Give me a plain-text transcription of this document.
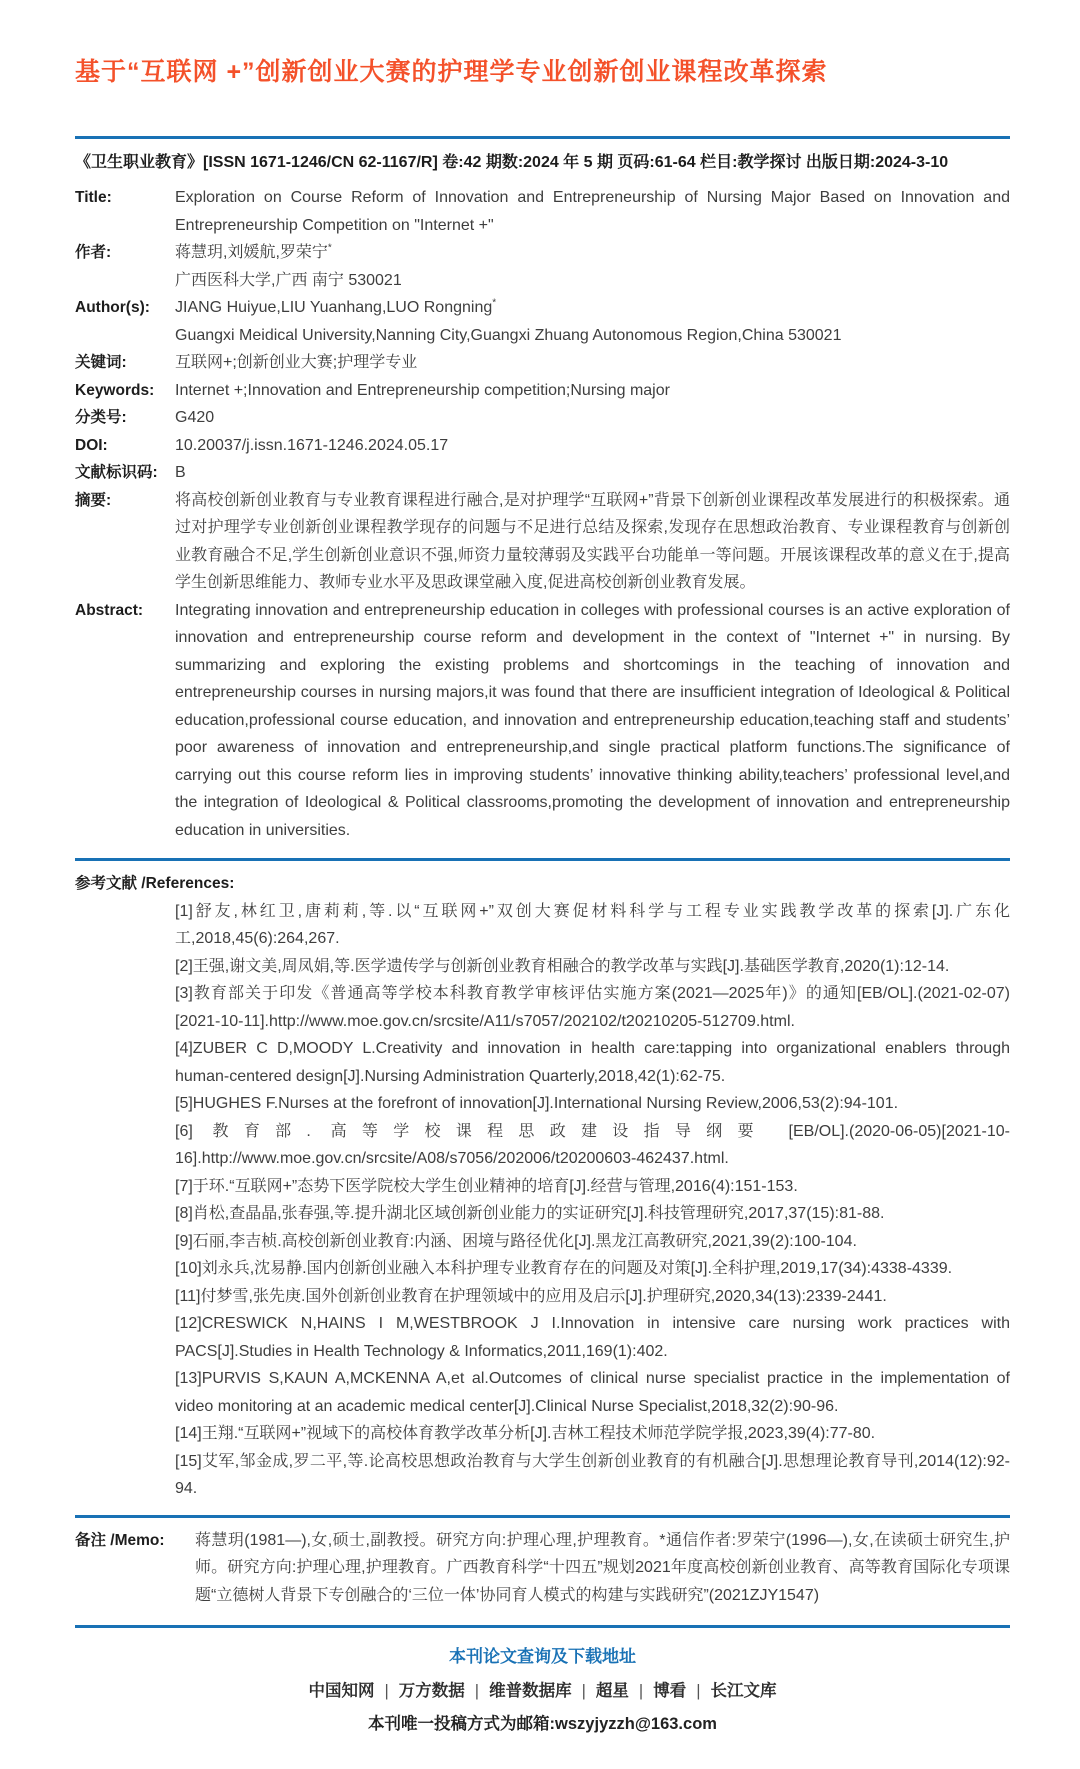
基于“互联网 +”创新创业大赛的护理学专业创新创业课程改革探索
《卫生职业教育》[ISSN 1671-1246/CN 62-1167/R] 卷:42 期数:2024 年 5 期 页码:61-64 栏目:教学探讨 出版日期:2024-3-10
Title:	Exploration on Course Reform of Innovation and Entrepreneurship of Nursing Major Based on Innovation and Entrepreneurship Competition on "Internet +"
作者:	蒋慧玥,刘媛航,罗荣宁*
广西医科大学,广西 南宁 530021
Author(s):	JIANG Huiyue,LIU Yuanhang,LUO Rongning*
Guangxi Meidical University,Nanning City,Guangxi Zhuang Autonomous Region,China 530021
关键词:	互联网+;创新创业大赛;护理学专业
Keywords:	Internet +;Innovation and Entrepreneurship competition;Nursing major
分类号:	G420
DOI:	10.20037/j.issn.1671-1246.2024.05.17
文献标识码:	B
摘要:	将高校创新创业教育与专业教育课程进行融合,是对护理学“互联网+”背景下创新创业课程改革发展进行的积极探索。通过对护理学专业创新创业课程教学现存的问题与不足进行总结及探索,发现存在思想政治教育、专业课程教育与创新创业教育融合不足,学生创新创业意识不强,师资力量较薄弱及实践平台功能单一等问题。开展该课程改革的意义在于,提高学生创新思维能力、教师专业水平及思政课堂融入度,促进高校创新创业教育发展。
Abstract:	Integrating innovation and entrepreneurship education in colleges with professional courses is an active exploration of innovation and entrepreneurship course reform and development in the context of "Internet +" in nursing. By summarizing and exploring the existing problems and shortcomings in the teaching of innovation and entrepreneurship courses in nursing majors,it was found that there are insufficient integration of Ideological & Political education,professional course education, and innovation and entrepreneurship education,teaching staff and students’ poor awareness of innovation and entrepreneurship,and single practical platform functions.The significance of carrying out this course reform lies in improving students’ innovative thinking ability,teachers’ professional level,and the integration of Ideological & Political classrooms,promoting the development of innovation and entrepreneurship education in universities.
参考文献 /References:

[1]舒友,林红卫,唐莉莉,等.以“互联网+”双创大赛促材料科学与工程专业实践教学改革的探索[J].广东化工,2018,45(6):264,267.

[2]王强,谢文美,周凤娟,等.医学遗传学与创新创业教育相融合的教学改革与实践[J].基础医学教育,2020(1):12-14.

[3]教育部关于印发《普通高等学校本科教育教学审核评估实施方案(2021—2025年)》的通知[EB/OL].(2021-02-07)[2021-10-11].http://www.moe.gov.cn/srcsite/A11/s7057/202102/t20210205-512709.html.

[4]ZUBER C D,MOODY L.Creativity and innovation in health care:tapping into organizational enablers through human-centered design[J].Nursing Administration Quarterly,2018,42(1):62-75.

[5]HUGHES F.Nurses at the forefront of innovation[J].International Nursing Review,2006,53(2):94-101.

[6] 教育部. 高等学校课程思政建设指导纲要 [EB/OL].(2020-06-05)[2021-10-16].http://www.moe.gov.cn/srcsite/A08/s7056/202006/t20200603-462437.html.

[7]于环.“互联网+”态势下医学院校大学生创业精神的培育[J].经营与管理,2016(4):151-153.

[8]肖松,查晶晶,张春强,等.提升湖北区域创新创业能力的实证研究[J].科技管理研究,2017,37(15):81-88.

[9]石丽,李吉桢.高校创新创业教育:内涵、困境与路径优化[J].黑龙江高教研究,2021,39(2):100-104.

[10]刘永兵,沈易静.国内创新创业融入本科护理专业教育存在的问题及对策[J].全科护理,2019,17(34):4338-4339.

[11]付梦雪,张先庚.国外创新创业教育在护理领域中的应用及启示[J].护理研究,2020,34(13):2339-2441.

[12]CRESWICK N,HAINS I M,WESTBROOK J I.Innovation in intensive care nursing work practices with PACS[J].Studies in Health Technology & Informatics,2011,169(1):402.

[13]PURVIS S,KAUN A,MCKENNA A,et al.Outcomes of clinical nurse specialist practice in the implementation of video monitoring at an academic medical center[J].Clinical Nurse Specialist,2018,32(2):90-96.

[14]王翔.“互联网+”视域下的高校体育教学改革分析[J].吉林工程技术师范学院学报,2023,39(4):77-80.

[15]艾军,邹金成,罗二平,等.论高校思想政治教育与大学生创新创业教育的有机融合[J].思想理论教育导刊,2014(12):92-94.

备注 /Memo:	蒋慧玥(1981—),女,硕士,副教授。研究方向:护理心理,护理教育。*通信作者:罗荣宁(1996—),女,在读硕士研究生,护师。研究方向:护理心理,护理教育。广西教育科学“十四五”规划2021年度高校创新创业教育、高等教育国际化专项课题“立德树人背景下专创融合的‘三位一体’协同育人模式的构建与实践研究”(2021ZJY1547)
本刊论文查询及下载地址
中国知网 | 万方数据 | 维普数据库 | 超星 | 博看 | 长江文库
本刊唯一投稿方式为邮箱:wszyjyzzh@163.com
